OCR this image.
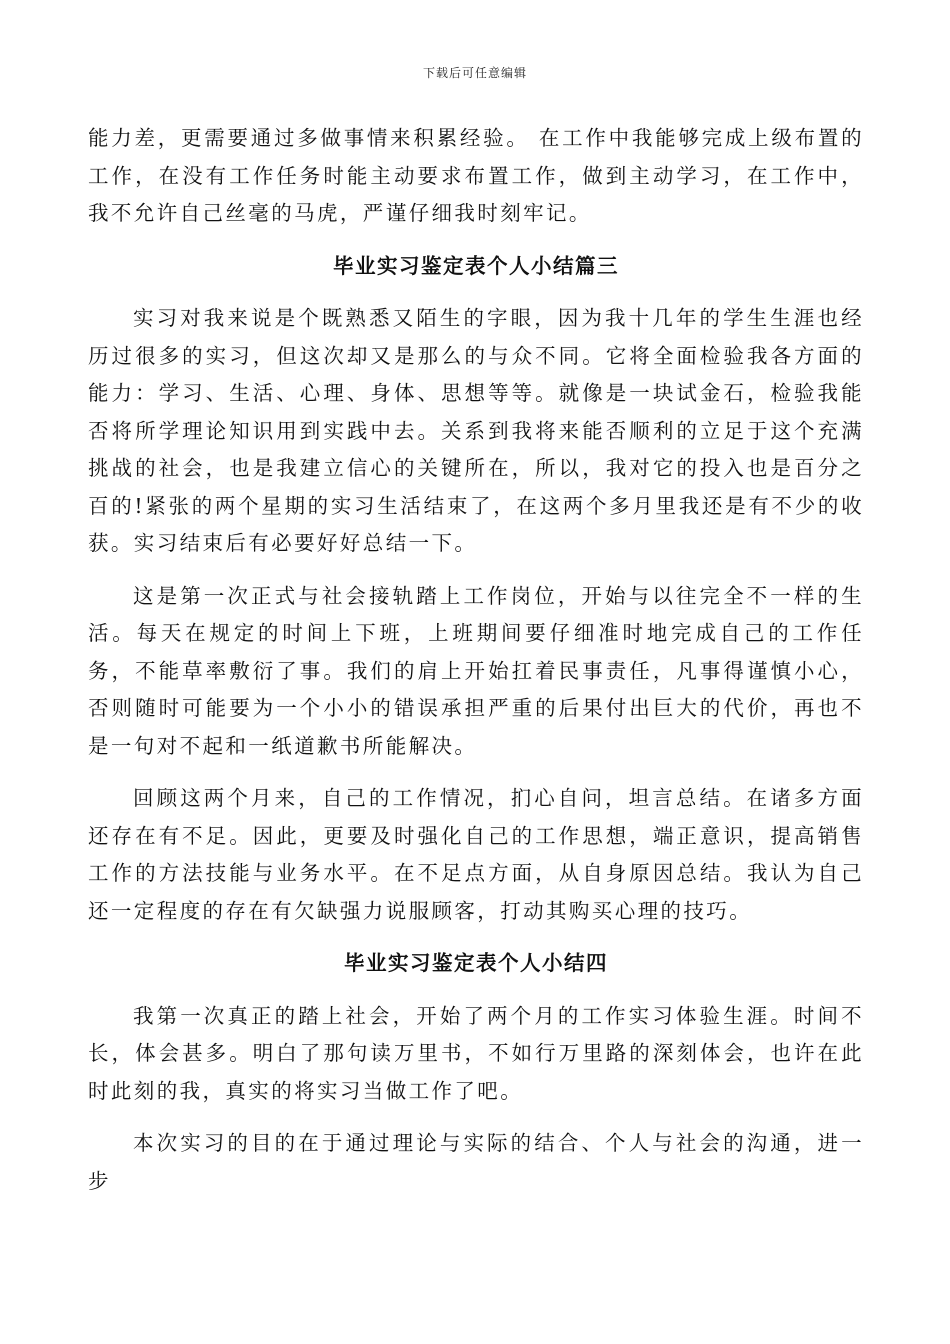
下载后可任意编辑

能力差，更需要通过多做事情来积累经验。 在工作中我能够完成上级布置的工作，在没有工作任务时能主动要求布置工作，做到主动学习，在工作中，我不允许自己丝毫的马虎，严谨仔细我时刻牢记。

毕业实习鉴定表个人小结篇三

实习对我来说是个既熟悉又陌生的字眼，因为我十几年的学生生涯也经历过很多的实习，但这次却又是那么的与众不同。它将全面检验我各方面的能力：学习、生活、心理、身体、思想等等。就像是一块试金石，检验我能否将所学理论知识用到实践中去。关系到我将来能否顺利的立足于这个充满挑战的社会，也是我建立信心的关键所在，所以，我对它的投入也是百分之百的!紧张的两个星期的实习生活结束了，在这两个多月里我还是有不少的收获。实习结束后有必要好好总结一下。

这是第一次正式与社会接轨踏上工作岗位，开始与以往完全不一样的生活。每天在规定的时间上下班，上班期间要仔细准时地完成自己的工作任务，不能草率敷衍了事。我们的肩上开始扛着民事责任，凡事得谨慎小心，否则随时可能要为一个小小的错误承担严重的后果付出巨大的代价，再也不是一句对不起和一纸道歉书所能解决。

回顾这两个月来，自己的工作情况，扪心自问，坦言总结。在诸多方面还存在有不足。因此，更要及时强化自己的工作思想，端正意识，提高销售工作的方法技能与业务水平。在不足点方面，从自身原因总结。我认为自己还一定程度的存在有欠缺强力说服顾客，打动其购买心理的技巧。

毕业实习鉴定表个人小结四

我第一次真正的踏上社会，开始了两个月的工作实习体验生涯。时间不长，体会甚多。明白了那句读万里书，不如行万里路的深刻体会，也许在此时此刻的我，真实的将实习当做工作了吧。

本次实习的目的在于通过理论与实际的结合、个人与社会的沟通，进一步
